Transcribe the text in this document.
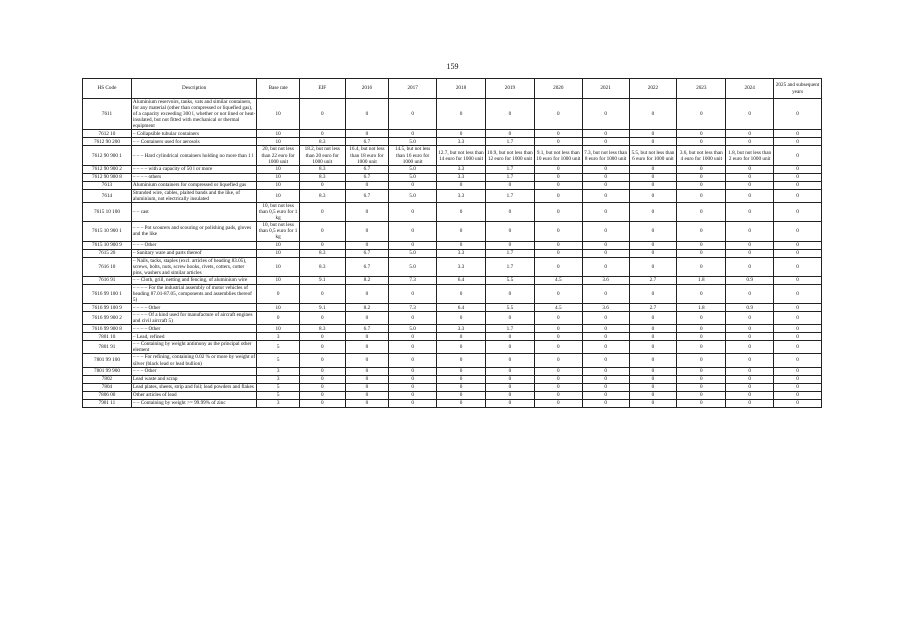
159
HS Code	Description	Base rate	EIF	2016	2017	2018	2019	2020	2021	2022	2023	2024	2025 and subsequent years
7611	Aluminium reservoirs, tanks, vats and similar containers, for any material (other than compressed or liquefied gas), of a capacity exceeding 300 l, whether or not lined or heat-insulated, but not fitted with mechanical or thermal equipment	10	0	0	0	0	0	0	0	0	0	0	0
7612 10	– Collapsible tubular containers	10	0	0	0	0	0	0	0	0	0	0	0
7612 90 200	– – Containers used for aerosols	10	8.3	6.7	5.0	3.3	1.7	0	0	0	0	0	0
7612 90 900 1	– – – Hard cylindrical containers holding no more than 1 l	20, but not less than 22 euro for 1000 unit	18.2, but not less than 20 euro for 1000 unit	16.4, but not less than 18 euro for 1000 unit	14.5, but not less than 16 euro for 1000 unit	12.7, but not less than 14 euro for 1000 unit	10.9, but not less than 12 euro for 1000 unit	9.1, but not less than 10 euro for 1000 unit	7.3, but not less than 8 euro for 1000 unit	5.5, but not less than 6 euro for 1000 unit	3.6, but not less than 4 euro for 1000 unit	1.8, but not less than 2 euro for 1000 unit	0
7612 90 900 2	– – – – with a capacity of 50 l or more	10	8.3	6.7	5.0	3.3	1.7	0	0	0	0	0	0
7612 90 900 8	– – – – others	10	8.3	6.7	5.0	3.3	1.7	0	0	0	0	0	0
7613	Aluminium containers for compressed or liquefied gas	10	0	0	0	0	0	0	0	0	0	0	0
7614	Stranded wire, cables, plaited bands and the like, of aluminium, not electrically insulated	10	8.3	6.7	5.0	3.3	1.7	0	0	0	0	0	0
7615 10 100	– – cast	10, but not less than 0,5 euro for 1 kg	0	0	0	0	0	0	0	0	0	0	0
7615 10 900 1	– – – Pot scourers and scouring or polishing pads, gloves and the like	10, but not less than 0,5 euro for 1 kg	0	0	0	0	0	0	0	0	0	0	0
7615 10 900 9	– – – Other	10	0	0	0	0	0	0	0	0	0	0	0
7615 20	– Sanitary ware and parts thereof	10	8.3	6.7	5.0	3.3	1.7	0	0	0	0	0	0
7616 10	– Nails, tacks, staples (excl. articles of heading 83.05), screws, bolts, nuts, screw hooks, rivets, cotters, cotter pins, washers and similar articles	10	8.3	6.7	5.0	3.3	1.7	0	0	0	0	0	0
7616 91	– – Cloth, grill, netting and fencing, of aluminium wire	10	9.1	8.2	7.3	6.4	5.5	4.5	3.6	2.7	1.8	0.9	0
7616 99 100 1	– – – – For the industrial assembly of motor vehicles of heading 87.01-87.05, components and assemblies thereof 5)	0	0	0	0	0	0	0	0	0	0	0	0
7616 99 100 9	– – – – Other	10	9.1	8.2	7.3	6.4	5.5	4.5	3.6	2.7	1.8	0.9	0
7616 99 900 2	– – – – Of a kind used for manufacture of aircraft engines and civil aircraft 5)	0	0	0	0	0	0	0	0	0	0	0	0
7616 99 900 8	– – – – Other	10	8.3	6.7	5.0	3.3	1.7	0	0	0	0	0	0
7801 10	– Lead, refined	3	0	0	0	0	0	0	0	0	0	0	0
7801 91	– – Containing by weight antimony as the principal other element	5	0	0	0	0	0	0	0	0	0	0	0
7801 99 100	– – – For refining, containing 0.02 % or more by weight of silver (black lead or lead bullion)	5	0	0	0	0	0	0	0	0	0	0	0
7801 99 900	– – – Other	3	0	0	0	0	0	0	0	0	0	0	0
7802	Lead waste and scrap	3	0	0	0	0	0	0	0	0	0	0	0
7804	Lead plates, sheets, strip and foil; lead powders and flakes	5	0	0	0	0	0	0	0	0	0	0	0
7806 00	Other articles of lead	5	0	0	0	0	0	0	0	0	0	0	0
7901 11	– – Containing by weight >= 99.99% of zinc	3	0	0	0	0	0	0	0	0	0	0	0
